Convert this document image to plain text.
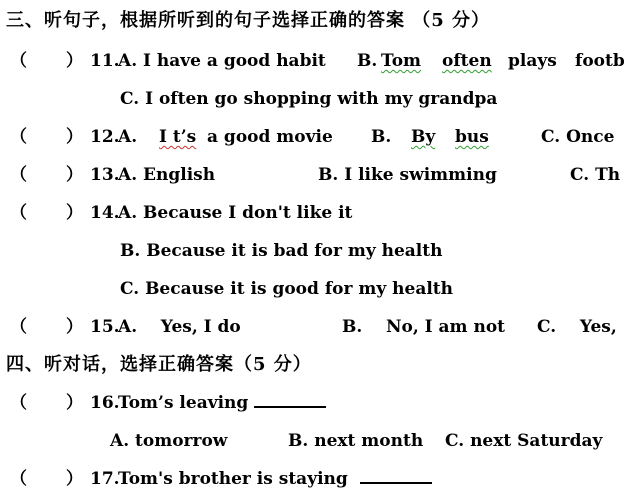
三、听句子，根据所听到的句子选择正确的答案 （5 分）
（ ） 11.
A. I have a good habit B. Tom often plays footb
C. I often go shopping with my grandpa
（ ） 12.
A. I t’s a good movie B. By bus	C. Once
（ ） 13.
A. English	B. I like swimming	C. Th
（ ） 14.
A. Because I don't like it
B. Because it is bad for my health
C. Because it is good for my health
（ ） 15.
A.    Yes, I do	B.    No, I am not C.    Yes,
四、听对话，选择正确答案（5 分）
（ ） 16.
Tom’s leaving
A. tomorrow	B. next month C. next Saturday
（ ） 17.
Tom's brother is staying
